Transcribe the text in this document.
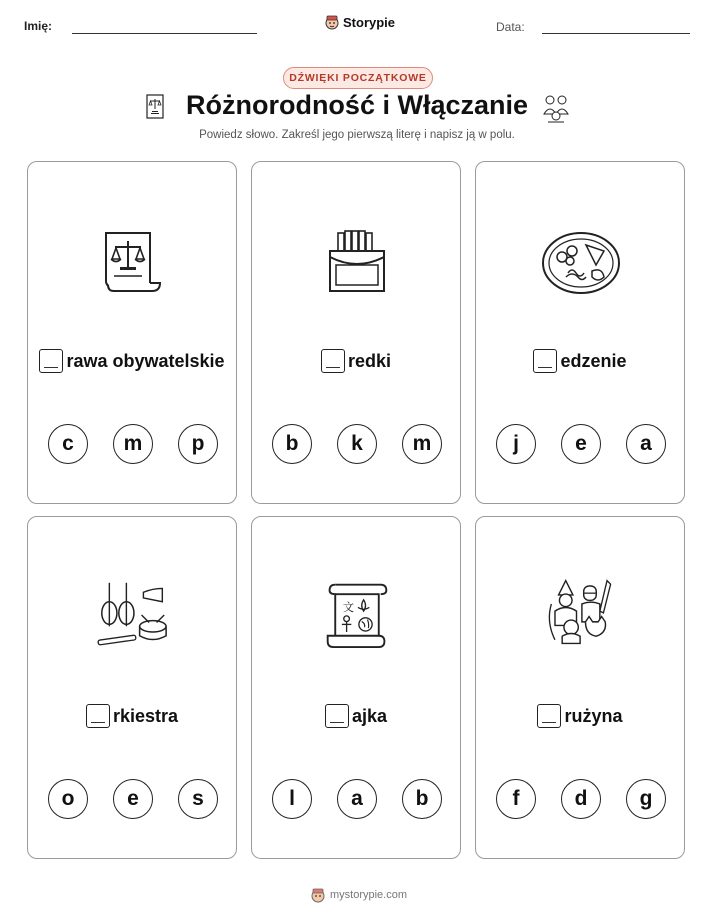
Imię:	Storypie	Data:
DŹWIĘKI POCZĄTKOWE
Różnorodność i Włączanie
Powiedz słowo. Zakreśl jego pierwszą literę i napisz ją w polu.
rawa obywatelskie
c	m	p
redki
b	k	m
edzenie
j	e	a
rkiestra
o	e	s
文
ajka
l	a	b
rużyna
f	d	g
mystorypie.com
